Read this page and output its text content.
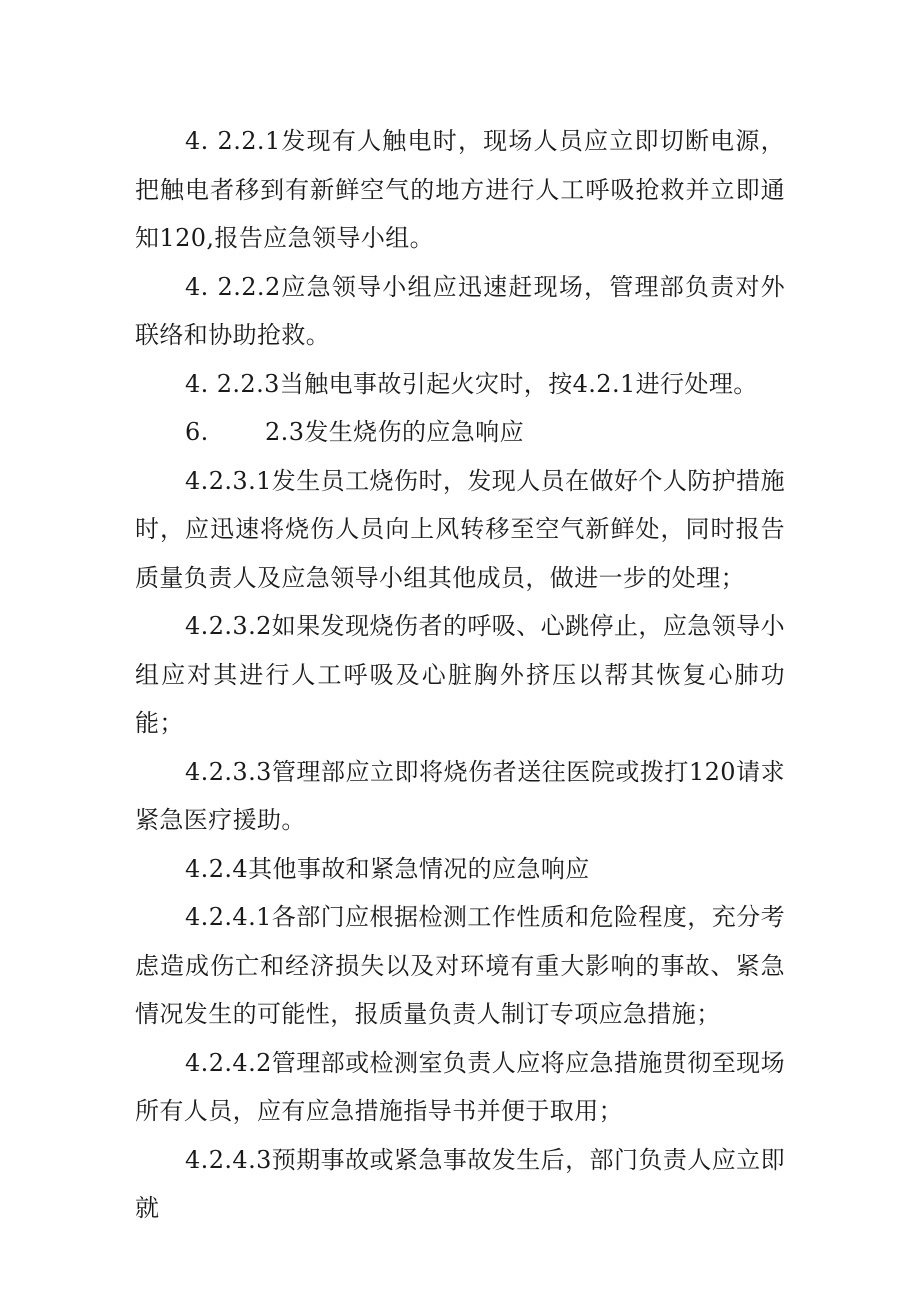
4. 2.2.1发现有人触电时，现场人员应立即切断电源，把触电者移到有新鲜空气的地方进行人工呼吸抢救并立即通知120,报告应急领导小组。

4. 2.2.2应急领导小组应迅速赶现场，管理部负责对外联络和协助抢救。

4. 2.2.3当触电事故引起火灾时，按4.2.1进行处理。

6. 2.3发生烧伤的应急响应

4.2.3.1发生员工烧伤时，发现人员在做好个人防护措施时，应迅速将烧伤人员向上风转移至空气新鲜处，同时报告质量负责人及应急领导小组其他成员，做进一步的处理；

4.2.3.2如果发现烧伤者的呼吸、心跳停止，应急领导小组应对其进行人工呼吸及心脏胸外挤压以帮其恢复心肺功能；

4.2.3.3管理部应立即将烧伤者送往医院或拨打120请求紧急医疗援助。

4.2.4其他事故和紧急情况的应急响应

4.2.4.1各部门应根据检测工作性质和危险程度，充分考虑造成伤亡和经济损失以及对环境有重大影响的事故、紧急情况发生的可能性，报质量负责人制订专项应急措施；

4.2.4.2管理部或检测室负责人应将应急措施贯彻至现场所有人员，应有应急措施指导书并便于取用；

4.2.4.3预期事故或紧急事故发生后，部门负责人应立即就
